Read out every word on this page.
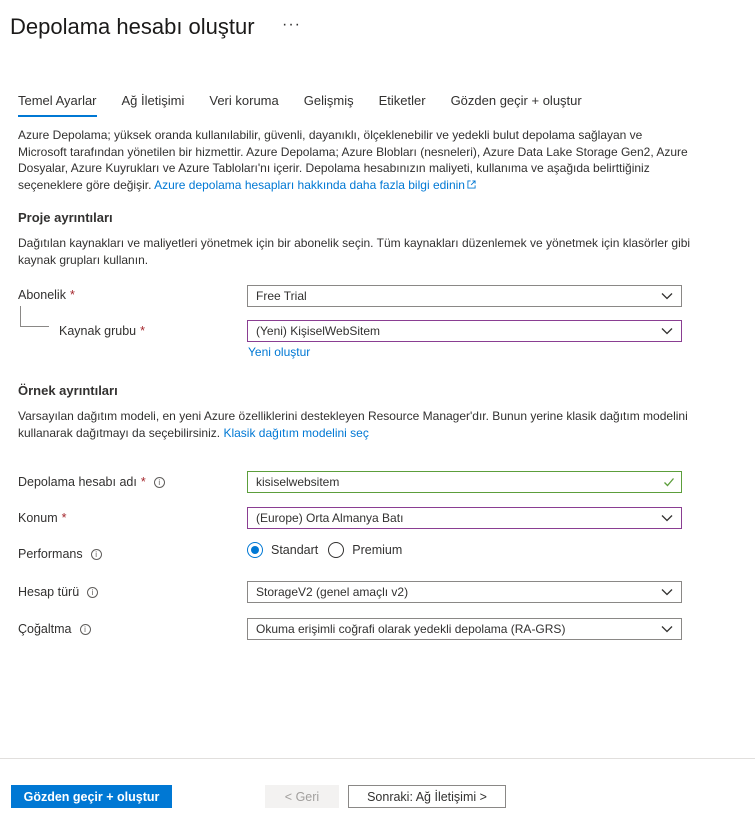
Depolama hesabı oluştur ···
Temel Ayarlar Ağ İletişimi Veri koruma Gelişmiş Etiketler Gözden geçir + oluştur
Azure Depolama; yüksek oranda kullanılabilir, güvenli, dayanıklı, ölçeklenebilir ve yedekli bulut depolama sağlayan ve Microsoft tarafından yönetilen bir hizmettir. Azure Depolama; Azure Blobları (nesneleri), Azure Data Lake Storage Gen2, Azure Dosyalar, Azure Kuyrukları ve Azure Tabloları'nı içerir. Depolama hesabınızın maliyeti, kullanıma ve aşağıda belirttiğiniz seçeneklere göre değişir. Azure depolama hesapları hakkında daha fazla bilgi edinin
Proje ayrıntıları
Dağıtılan kaynakları ve maliyetleri yönetmek için bir abonelik seçin. Tüm kaynakları düzenlemek ve yönetmek için klasörler gibi kaynak grupları kullanın.
Abonelik *	Free Trial
Kaynak grubu *	(Yeni) KişiselWebSitem
Yeni oluştur
Örnek ayrıntıları
Varsayılan dağıtım modeli, en yeni Azure özelliklerini destekleyen Resource Manager'dır. Bunun yerine klasik dağıtım modelini kullanarak dağıtmayı da seçebilirsiniz. Klasik dağıtım modelini seç
Depolama hesabı adı *	i	kisiselwebsitem
Konum *	(Europe) Orta Almanya Batı
Performans	i	Standart	Premium
Hesap türü	i	StorageV2 (genel amaçlı v2)
Çoğaltma	i	Okuma erişimli coğrafi olarak yedekli depolama (RA-GRS)
Gözden geçir + oluştur	< Geri	Sonraki: Ağ İletişimi >
